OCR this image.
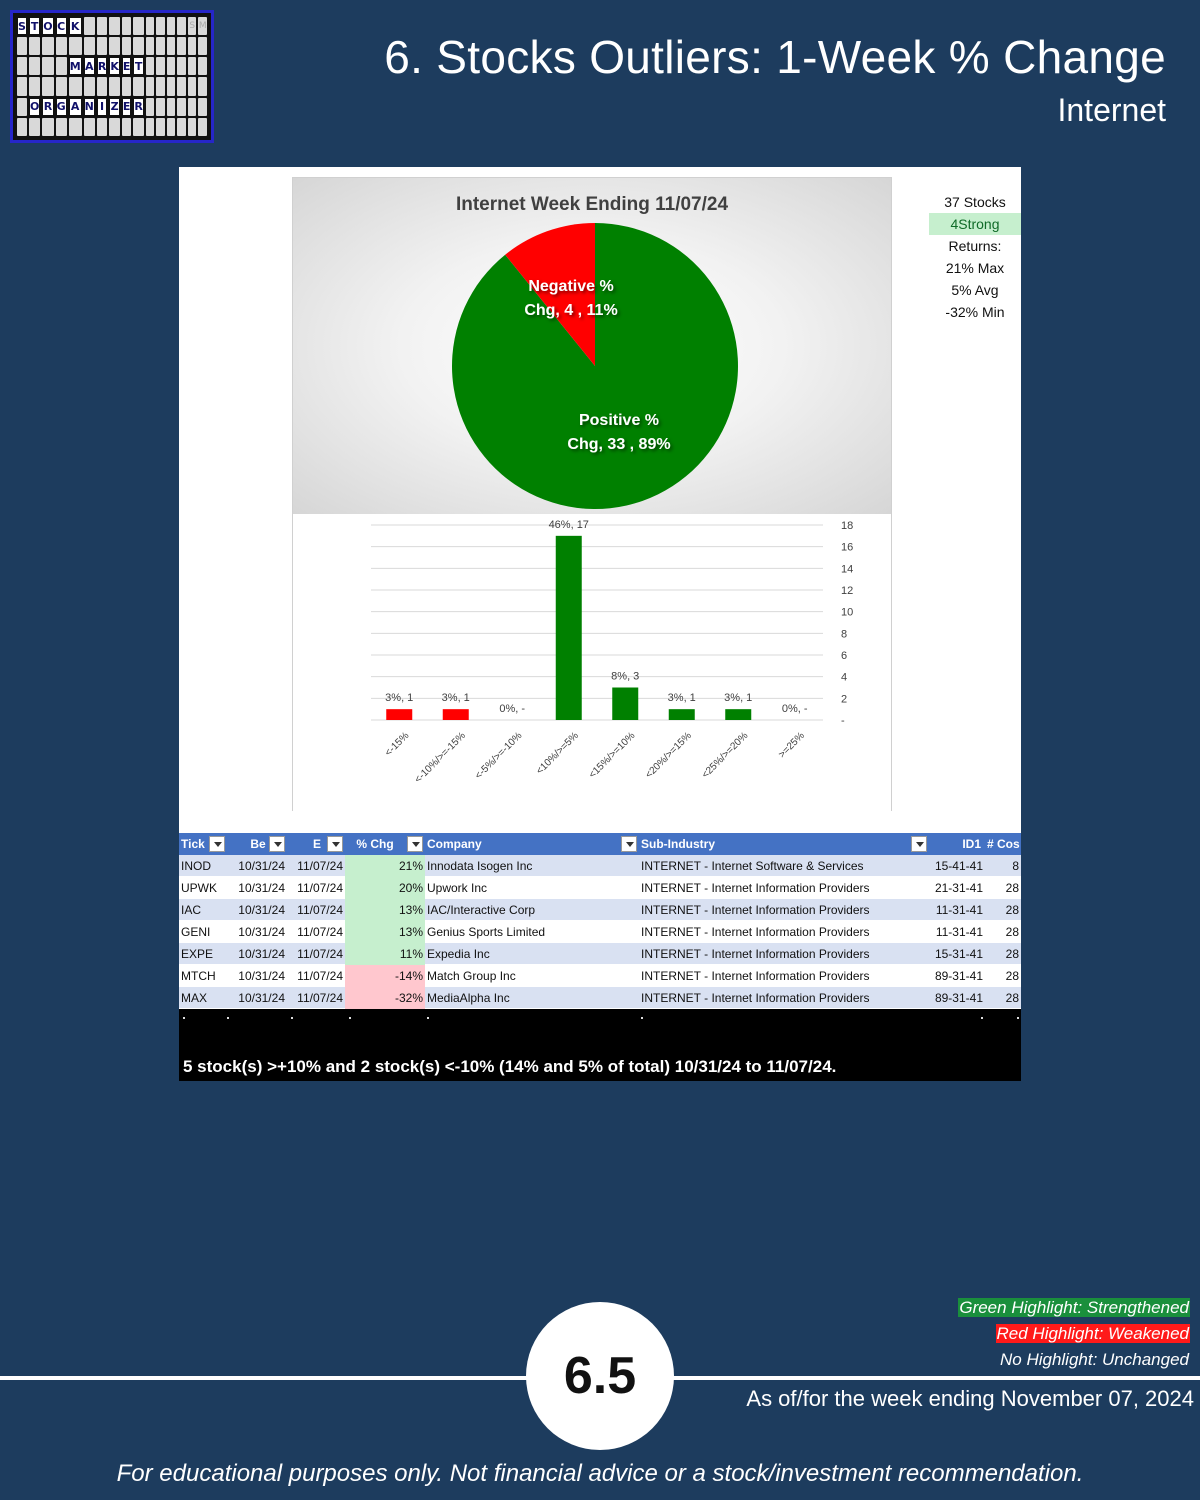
S T O C K	S M
M A R K E T
O R G A N I Z E R
6. Stocks Outliers: 1-Week % Change
Internet
Internet Week Ending 11/07/24
Negative %
Chg, 4 , 11%
Positive %
Chg, 33 , 89%
-
2
4
6
8
10
12
14
16
18
3%, 1
<-15%
3%, 1
<-10%/>=-15%
0%, -
<-5%/>=-10%
46%, 17
<10%/>=5%
8%, 3
<15%/>=10%
3%, 1
<20%/>=15%
3%, 1
<25%/>=20%
0%, -
>=25%
37 Stocks
4Strong
Returns:
21% Max
5% Avg
-32% Min
Tick	Be	E	% Chg	Company	Sub-Industry	ID1 # Cos
INOD	10/31/24	11/07/24	21% Innodata Isogen Inc	INTERNET - Internet Software & Services	15-41-41	8
UPWK	10/31/24	11/07/24	20% Upwork Inc	INTERNET - Internet Information Providers	21-31-41	28
IAC	10/31/24	11/07/24	13% IAC/Interactive Corp	INTERNET - Internet Information Providers	11-31-41	28
GENI	10/31/24	11/07/24	13% Genius Sports Limited	INTERNET - Internet Information Providers	11-31-41	28
EXPE	10/31/24	11/07/24	11% Expedia Inc	INTERNET - Internet Information Providers	15-31-41	28
MTCH	10/31/24	11/07/24	-14% Match Group Inc	INTERNET - Internet Information Providers	89-31-41	28
MAX	10/31/24	11/07/24	-32% MediaAlpha Inc	INTERNET - Internet Information Providers	89-31-41	28
5 stock(s) >+10% and 2 stock(s) <-10% (14% and 5% of total) 10/31/24 to 11/07/24.
Green Highlight: Strengthened
Red Highlight: Weakened
No Highlight: Unchanged
6.5	As of/for the week ending November 07, 2024
For educational purposes only. Not financial advice or a stock/investment recommendation.
